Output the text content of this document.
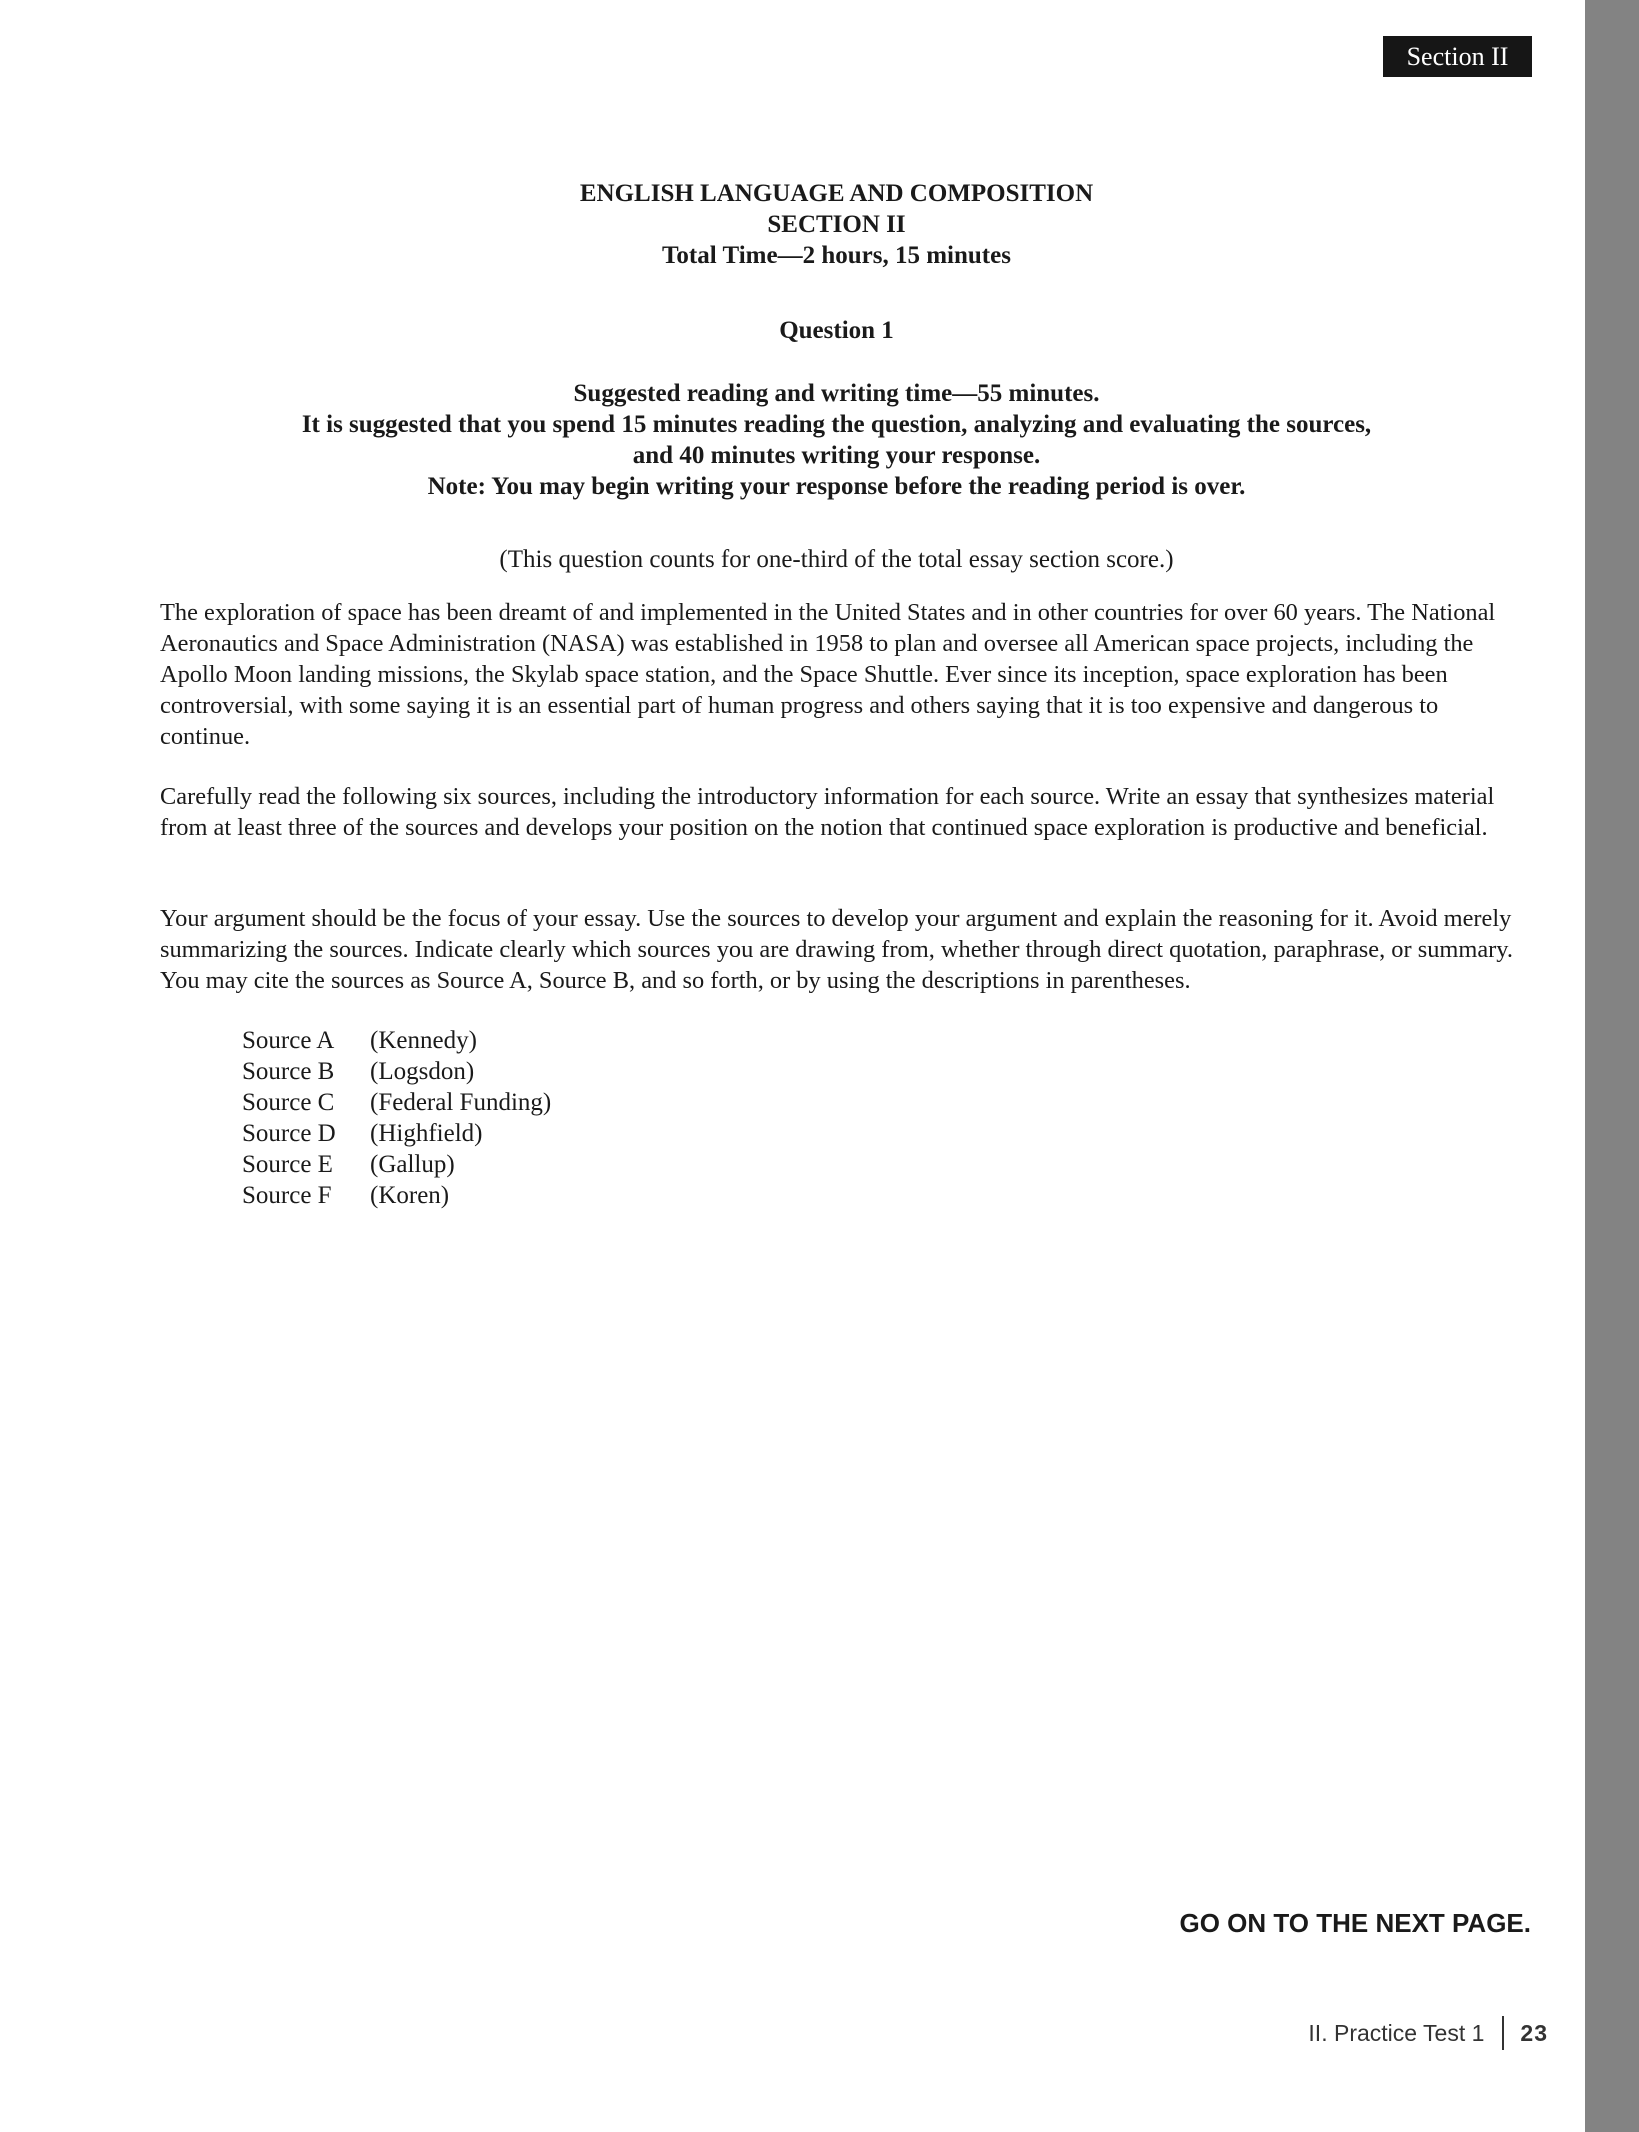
Section II
ENGLISH LANGUAGE AND COMPOSITION
SECTION II
Total Time—2 hours, 15 minutes
Question 1
Suggested reading and writing time—55 minutes.
It is suggested that you spend 15 minutes reading the question, analyzing and evaluating the sources,
and 40 minutes writing your response.
Note: You may begin writing your response before the reading period is over.
(This question counts for one-third of the total essay section score.)

The exploration of space has been dreamt of and implemented in the United States and in other countries for over 60 years. The National Aeronautics and Space Administration (NASA) was established in 1958 to plan and oversee all American space projects, including the Apollo Moon landing missions, the Skylab space station, and the Space Shuttle. Ever since its inception, space exploration has been controversial, with some saying it is an essential part of human progress and others saying that it is too expensive and dangerous to continue.

Carefully read the following six sources, including the introductory information for each source. Write an essay that synthesizes material from at least three of the sources and develops your position on the notion that continued space exploration is productive and beneficial.

Your argument should be the focus of your essay. Use the sources to develop your argument and explain the reasoning for it. Avoid merely summarizing the sources. Indicate clearly which sources you are drawing from, whether through direct quotation, paraphrase, or summary. You may cite the sources as Source A, Source B, and so forth, or by using the descriptions in parentheses.

Source A	(Kennedy)
Source B	(Logsdon)
Source C	(Federal Funding)
Source D	(Highfield)
Source E	(Gallup)
Source F	(Koren)
GO ON TO THE NEXT PAGE.
II. Practice Test 1 23
